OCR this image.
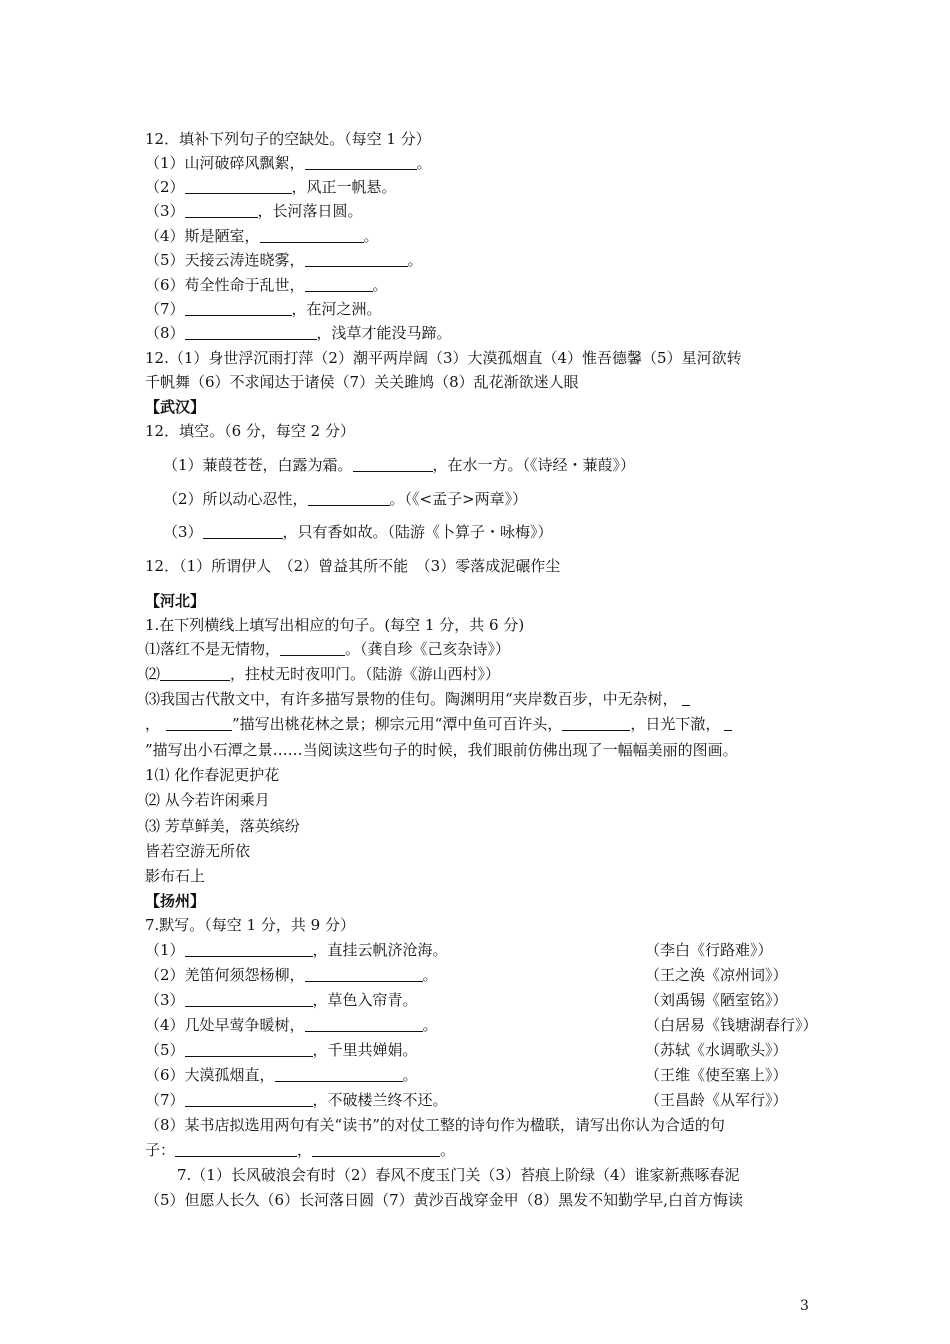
12．填补下列句子的空缺处。（每空 1 分）
（1）山河破碎风飘絮，	。
（2）	，风正一帆悬。
（3）	，长河落日圆。
（4）斯是陋室，	。
（5）天接云涛连晓雾，	。
（6）苟全性命于乱世，	。
（7）	，在河之洲。
（8）	，浅草才能没马蹄。
12.（1）身世浮沉雨打萍（2）潮平两岸阔（3）大漠孤烟直（4）惟吾德馨（5）星河欲转
千帆舞（6）不求闻达于诸侯（7）关关雎鸠（8）乱花渐欲迷人眼
【武汉】
12．填空。（6 分，每空 2 分）
（1）蒹葭苍苍，白露为霜。	，在水一方。（《诗经・蒹葭》）
（2）所以动心忍性，	。（《<孟子>两章》）
（3）	，只有香如故。（陆游《卜算子・咏梅》）
12．（1）所谓伊人　（2）曾益其所不能　（3）零落成泥碾作尘
【河北】
1.在下列横线上填写出相应的句子。(每空 1 分，共 6 分)
⑴落红不是无情物，	。（龚自珍《己亥杂诗》）
⑵	，拄杖无时夜叩门。（陆游《游山西村》）
⑶我国古代散文中，有许多描写景物的佳句。陶渊明用“夹岸数百步，中无杂树，
，	”描写出桃花林之景；柳宗元用“潭中鱼可百许头，	，日光下澈，
”描写出小石潭之景……当阅读这些句子的时候，我们眼前仿佛出现了一幅幅美丽的图画。
1⑴ 化作春泥更护花
⑵ 从今若许闲乘月
⑶ 芳草鲜美，落英缤纷
皆若空游无所依
影布石上
【扬州】
7.默写。（每空 1 分，共 9 分）
（1）	，直挂云帆济沧海。	（李白《行路难》）
（2）羌笛何须怨杨柳，	。	（王之涣《凉州词》）
（3）	，草色入帘青。	（刘禹锡《陋室铭》）
（4）几处早莺争暖树，	。	（白居易《钱塘湖春行》）
（5）	，千里共婵娟。	（苏轼《水调歌头》）
（6）大漠孤烟直，	。	（王维《使至塞上》）
（7）	，不破楼兰终不还。	（王昌龄《从军行》）
（8）某书店拟选用两句有关“读书”的对仗工整的诗句作为楹联，请写出你认为合适的句
子：	，	。
7.（1）长风破浪会有时（2）春风不度玉门关（3）苔痕上阶绿（4）谁家新燕啄春泥
（5）但愿人长久（6）长河落日圆（7）黄沙百战穿金甲（8）黑发不知勤学早,白首方悔读
3
